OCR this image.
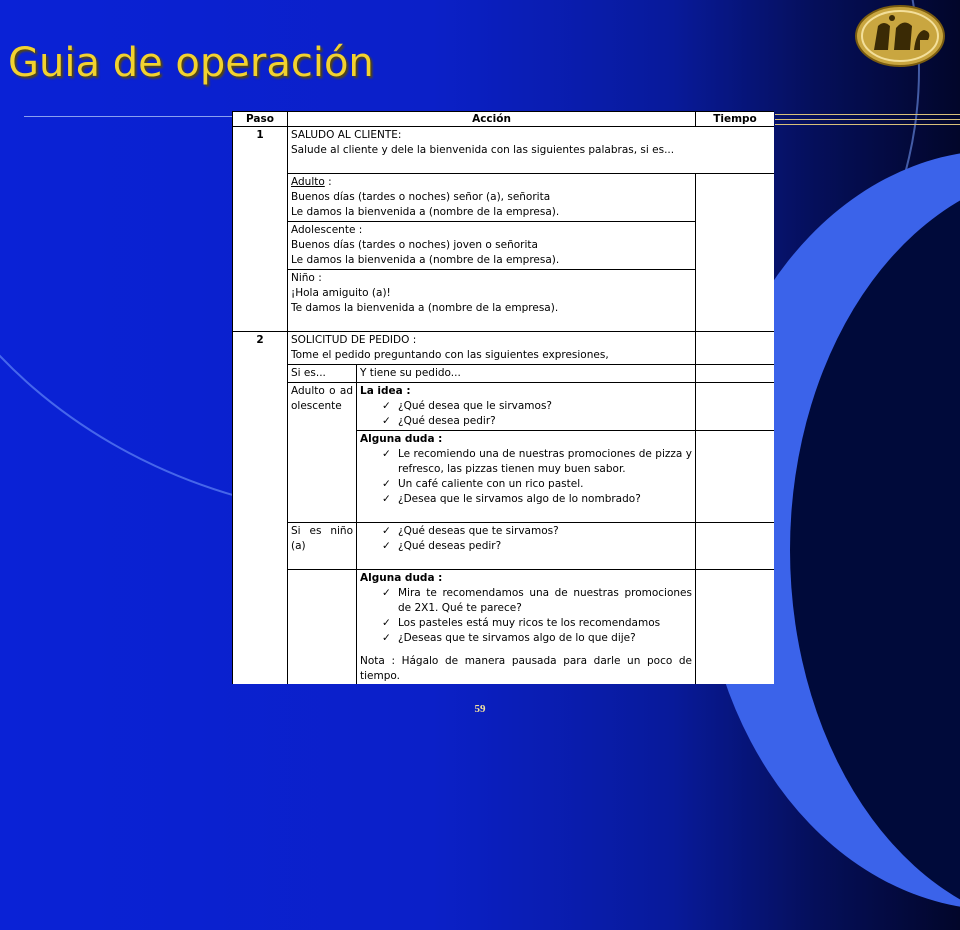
Guia de operación
Paso	Acción		Tiempo
1	SALUDO AL CLIENTE:
Salude al cliente y dele la bienvenida con las siguientes palabras, si es...		

	Adulto :
Buenos días (tardes o noches) señor (a), señorita
Le damos la bienvenida a (nombre de la empresa).		

	Adolescente :
Buenos días (tardes o noches) joven o señorita
Le damos la bienvenida a (nombre de la empresa).		

	Niño :
¡Hola amiguito (a)!
Te damos la bienvenida a (nombre de la empresa).		

2	SOLICITUD DE PEDIDO :
Tome el pedido preguntando con las siguientes expresiones,		

	Si es...	Y tiene su pedido...	
	Adulto o adolescente	La idea :
✓ ¿Qué desea que le sirvamos?
✓ ¿Qué desea pedir?

		Alguna duda :
✓ Le recomiendo una de nuestras promociones de pizza y refresco, las pizzas tienen muy buen sabor.
✓ Un café caliente con un rico pastel.
✓ ¿Desea que le sirvamos algo de lo nombrado?

	Si es niño (a)	✓ ¿Qué deseas que te sirvamos?
✓ ¿Qué deseas pedir?

		Alguna duda :
✓ Mira te recomendamos una de nuestras promociones de 2X1. Qué te parece?
✓ Los pasteles está muy ricos te los recomendamos
✓ ¿Deseas que te sirvamos algo de lo que dije?
Nota : Hágalo de manera pausada para darle un poco de tiempo.

59
